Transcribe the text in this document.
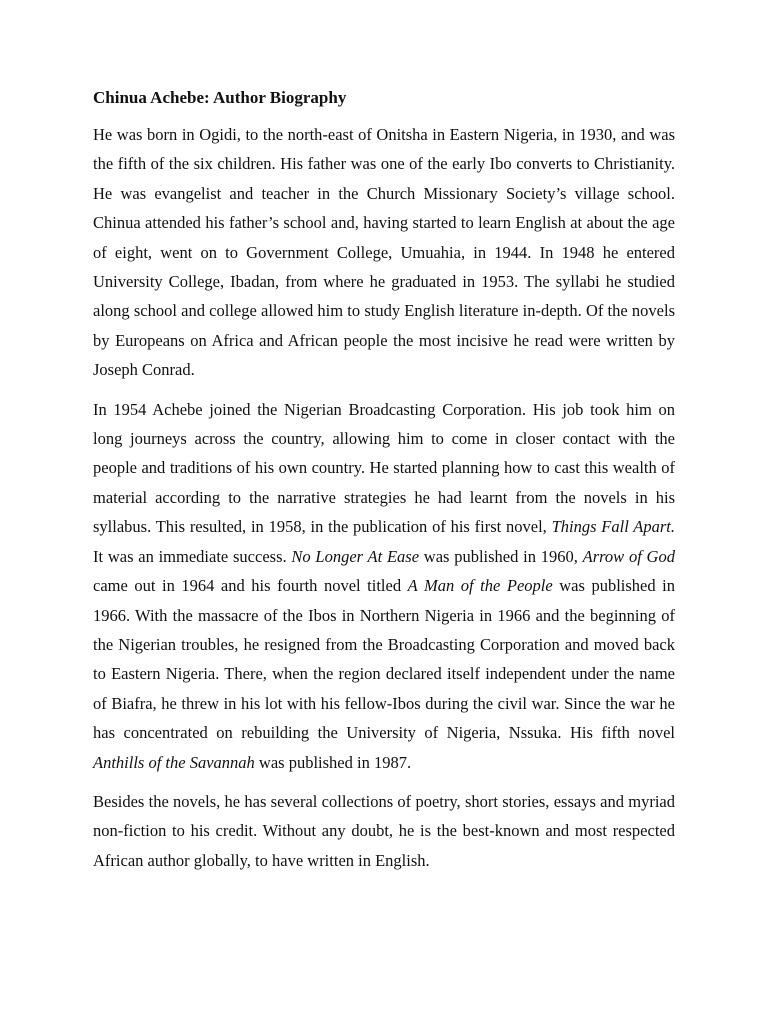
Chinua Achebe: Author Biography

He was born in Ogidi, to the north-east of Onitsha in Eastern Nigeria, in 1930, and was the fifth of the six children. His father was one of the early Ibo converts to Christianity. He was evangelist and teacher in the Church Missionary Society’s village school. Chinua attended his father’s school and, having started to learn English at about the age of eight, went on to Government College, Umuahia, in 1944. In 1948 he entered University College, Ibadan, from where he graduated in 1953. The syllabi he studied along school and college allowed him to study English literature in-depth. Of the novels by Europeans on Africa and African people the most incisive he read were written by Joseph Conrad.

In 1954 Achebe joined the Nigerian Broadcasting Corporation. His job took him on long journeys across the country, allowing him to come in closer contact with the people and traditions of his own country. He started planning how to cast this wealth of material according to the narrative strategies he had learnt from the novels in his syllabus. This resulted, in 1958, in the publication of his first novel, Things Fall Apart. It was an immediate success. No Longer At Ease was published in 1960, Arrow of God came out in 1964 and his fourth novel titled A Man of the People was published in 1966. With the massacre of the Ibos in Northern Nigeria in 1966 and the beginning of the Nigerian troubles, he resigned from the Broadcasting Corporation and moved back to Eastern Nigeria. There, when the region declared itself independent under the name of Biafra, he threw in his lot with his fellow-Ibos during the civil war. Since the war he has concentrated on rebuilding the University of Nigeria, Nssuka. His fifth novel Anthills of the Savannah was published in 1987.

Besides the novels, he has several collections of poetry, short stories, essays and myriad non-fiction to his credit. Without any doubt, he is the best-known and most respected African author globally, to have written in English.
